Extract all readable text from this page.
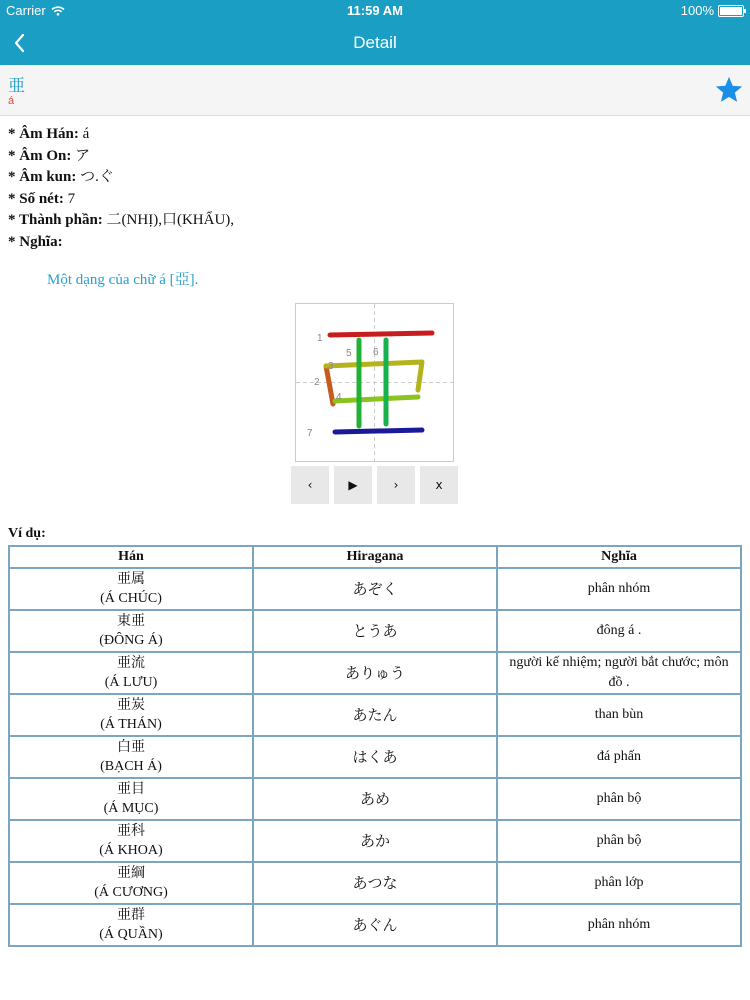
Carrier	11:59 AM	100%
Detail
亜
á
* Âm Hán: á
* Âm On: ア
* Âm kun: つ.ぐ
* Số nét: 7
* Thành phần: 二(NHỊ),口(KHẨU),
* Nghĩa:
Một dạng của chữ á [亞].
1
2
3
4
5 6
7
‹	▶	›	x
Ví dụ:
Hán	Hiragana	Nghĩa

亜属
(Á CHÚC)	あぞく	phân nhóm

東亜
(ĐÔNG Á)	とうあ	đông á .

亜流
(Á LƯU)	ありゅう	người kế nhiệm; người bắt chước; môn đồ .

亜炭
(Á THÁN)	あたん	than bùn

白亜
(BẠCH Á)	はくあ	đá phấn

亜目
(Á MỤC)	あめ	phân bộ

亜科
(Á KHOA)	あか	phân bộ

亜綱
(Á CƯƠNG)	あつな	phân lớp

亜群
(Á QUẦN)	あぐん	phân nhóm
